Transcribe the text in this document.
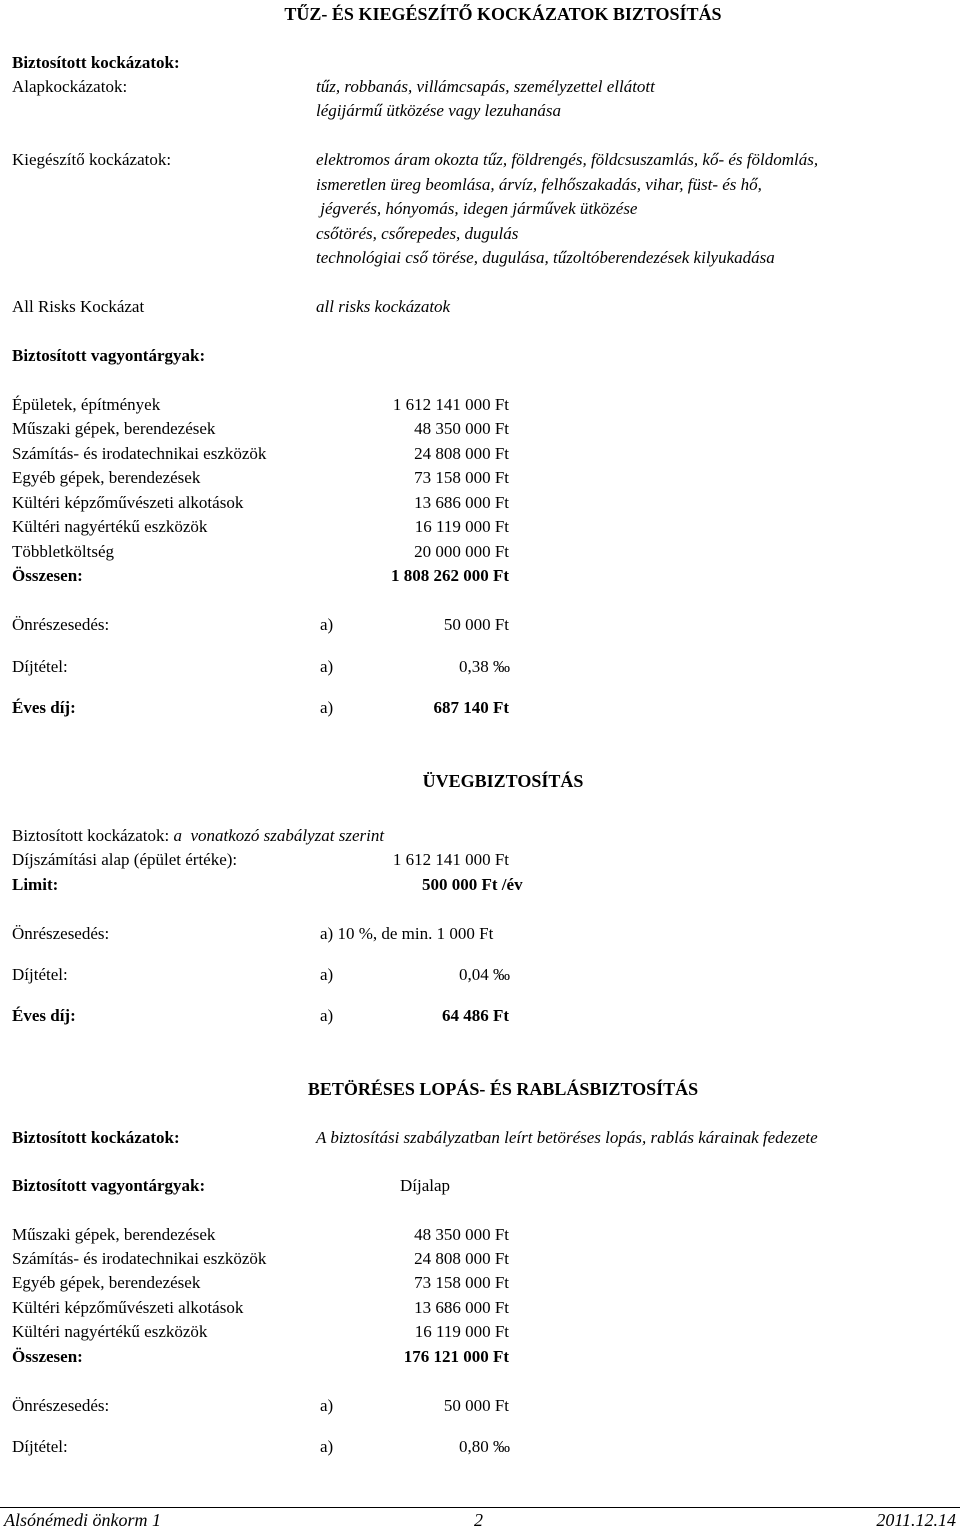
TŰZ- ÉS KIEGÉSZÍTŐ KOCKÁZATOK BIZTOSÍTÁS
Biztosított kockázatok:
Alapkockázatok:	tűz, robbanás, villámcsapás, személyzettel ellátott
légijármű ütközése vagy lezuhanása
Kiegészítő kockázatok:	elektromos áram okozta tűz, földrengés, földcsuszamlás, kő- és földomlás,
ismeretlen üreg beomlása, árvíz, felhőszakadás, vihar, füst- és hő,
jégverés, hónyomás, idegen járművek ütközése
csőtörés, csőrepedes, dugulás
technológiai cső törése, dugulása, tűzoltóberendezések kilyukadása
All Risks Kockázat	all risks kockázatok
Biztosított vagyontárgyak:
Épületek, építmények	1 612 141 000 Ft
Műszaki gépek, berendezések	48 350 000 Ft
Számítás- és irodatechnikai eszközök	24 808 000 Ft
Egyéb gépek, berendezések	73 158 000 Ft
Kültéri képzőművészeti alkotások	13 686 000 Ft
Kültéri nagyértékű eszközök	16 119 000 Ft
Többletköltség	20 000 000 Ft
Összesen:	1 808 262 000 Ft
Önrészesedés:	a)	50 000 Ft
Díjtétel:	a)	0,38 ‰
Éves díj:	a)	687 140 Ft
ÜVEGBIZTOSÍTÁS
Biztosított kockázatok: a  vonatkozó szabályzat szerint
Díjszámítási alap (épület értéke):	1 612 141 000 Ft
Limit:	500 000 Ft /év
Önrészesedés:	a) 10 %, de min. 1 000 Ft
Díjtétel:	a)	0,04 ‰
Éves díj:	a)	64 486 Ft
BETÖRÉSES LOPÁS- ÉS RABLÁSBIZTOSÍTÁS
Biztosított kockázatok:	A biztosítási szabályzatban leírt betöréses lopás, rablás kárainak fedezete
Biztosított vagyontárgyak:	Díjalap
Műszaki gépek, berendezések	48 350 000 Ft
Számítás- és irodatechnikai eszközök	24 808 000 Ft
Egyéb gépek, berendezések	73 158 000 Ft
Kültéri képzőművészeti alkotások	13 686 000 Ft
Kültéri nagyértékű eszközök	16 119 000 Ft
Összesen:	176 121 000 Ft
Önrészesedés:	a)	50 000 Ft
Díjtétel:	a)	0,80 ‰
Alsónémedi önkorm 1	2	2011.12.14
